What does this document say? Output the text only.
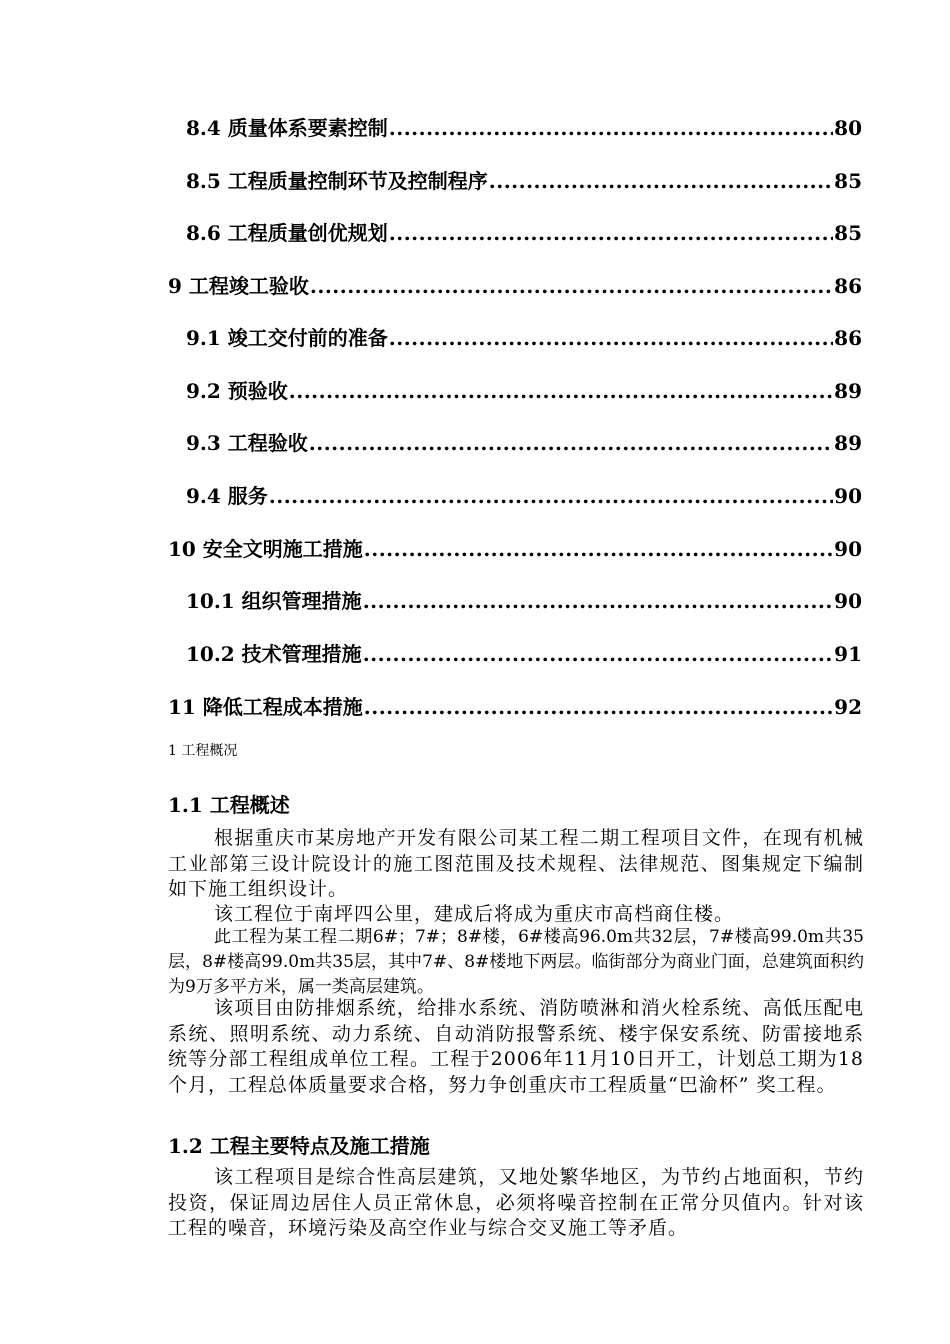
8.4 质量体系要素控制 .....	80
8.5 工程质量控制环节及控制程序 .....	85
8.6 工程质量创优规划 .....	85
9 工程竣工验收 .....	86
9.1 竣工交付前的准备 .....	86
9.2 预验收 .....	89
9.3 工程验收 .....	89
9.4 服务 .....	90
10 安全文明施工措施 .....	90
10.1 组织管理措施 .....	90
10.2 技术管理措施 .....	91
11 降低工程成本措施 .....	92
1 工程概况
1.1 工程概述

根据重庆市某房地产开发有限公司某工程二期工程项目文件，在现有机械工业部第三设计院设计的施工图范围及技术规程、法律规范、图集规定下编制如下施工组织设计。

该工程位于南坪四公里，建成后将成为重庆市高档商住楼。

此工程为某工程二期6#；7#；8#楼，6#楼高96.0m共32层，7#楼高99.0m共35层，8#楼高99.0m共35层，其中7#、8#楼地下两层。临街部分为商业门面，总建筑面积约为9万多平方米，属一类高层建筑。

该项目由防排烟系统，给排水系统、消防喷淋和消火栓系统、高低压配电系统、照明系统、动力系统、自动消防报警系统、楼宇保安系统、防雷接地系统等分部工程组成单位工程。工程于2006年11月10日开工，计划总工期为18个月，工程总体质量要求合格，努力争创重庆市工程质量“巴渝杯” 奖工程。

1.2 工程主要特点及施工措施

该工程项目是综合性高层建筑，又地处繁华地区，为节约占地面积，节约投资，保证周边居住人员正常休息，必须将噪音控制在正常分贝值内。针对该工程的噪音，环境污染及高空作业与综合交叉施工等矛盾。
